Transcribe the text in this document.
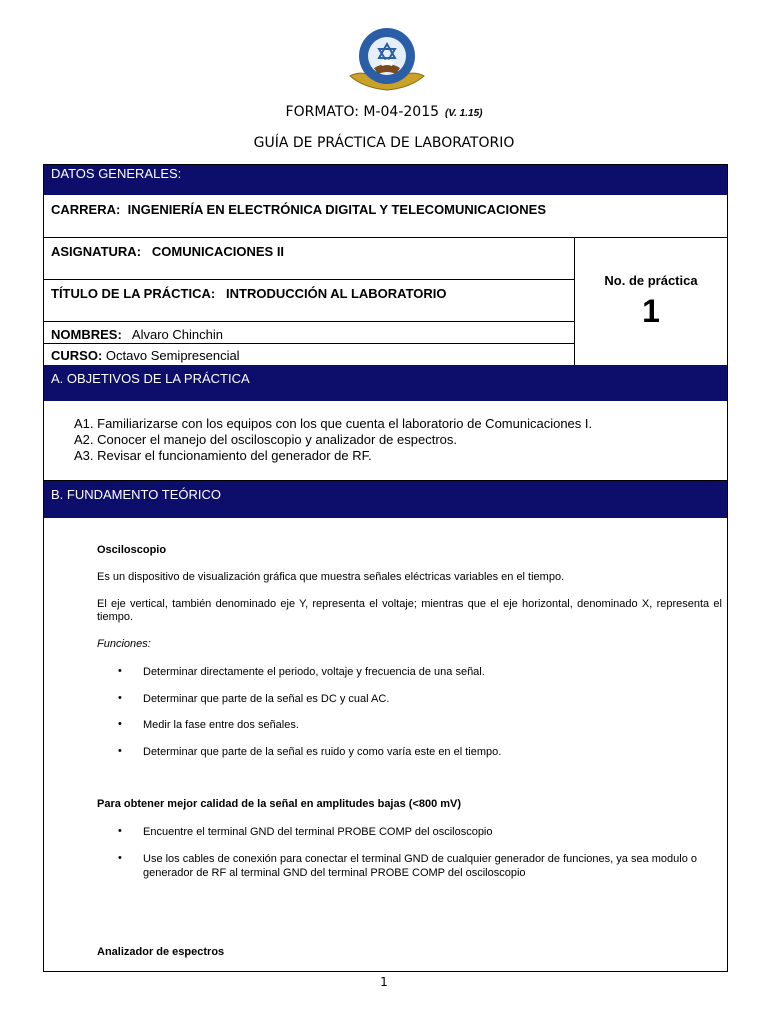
FORMATO: M-04-2015 (V. 1.15)
GUÍA DE PRÁCTICA DE LABORATORIO
DATOS GENERALES:
CARRERA: INGENIERÍA EN ELECTRÓNICA DIGITAL Y TELECOMUNICACIONES
ASIGNATURA: COMUNICACIONES II
TÍTULO DE LA PRÁCTICA: INTRODUCCIÓN AL LABORATORIO
NOMBRES: Alvaro Chinchin
CURSO: Octavo Semipresencial
No. de práctica
1
A. OBJETIVOS DE LA PRÁCTICA
A1. Familiarizarse con los equipos con los que cuenta el laboratorio de Comunicaciones I.
A2. Conocer el manejo del osciloscopio y analizador de espectros.
A3. Revisar el funcionamiento del generador de RF.
B. FUNDAMENTO TEÓRICO
Osciloscopio
Es un dispositivo de visualización gráfica que muestra señales eléctricas variables en el tiempo.
El eje vertical, también denominado eje Y, representa el voltaje; mientras que el eje horizontal, denominado X, representa el tiempo.
Funciones:
• Determinar directamente el periodo, voltaje y frecuencia de una señal.
• Determinar que parte de la señal es DC y cual AC.
• Medir la fase entre dos señales.
• Determinar que parte de la señal es ruido y como varía este en el tiempo.
Para obtener mejor calidad de la señal en amplitudes bajas (<800 mV)
• Encuentre el terminal GND del terminal PROBE COMP del osciloscopio
• Use los cables de conexión para conectar el terminal GND de cualquier generador de funciones, ya sea modulo o generador de RF al terminal GND del terminal PROBE COMP del osciloscopio
Analizador de espectros
1
